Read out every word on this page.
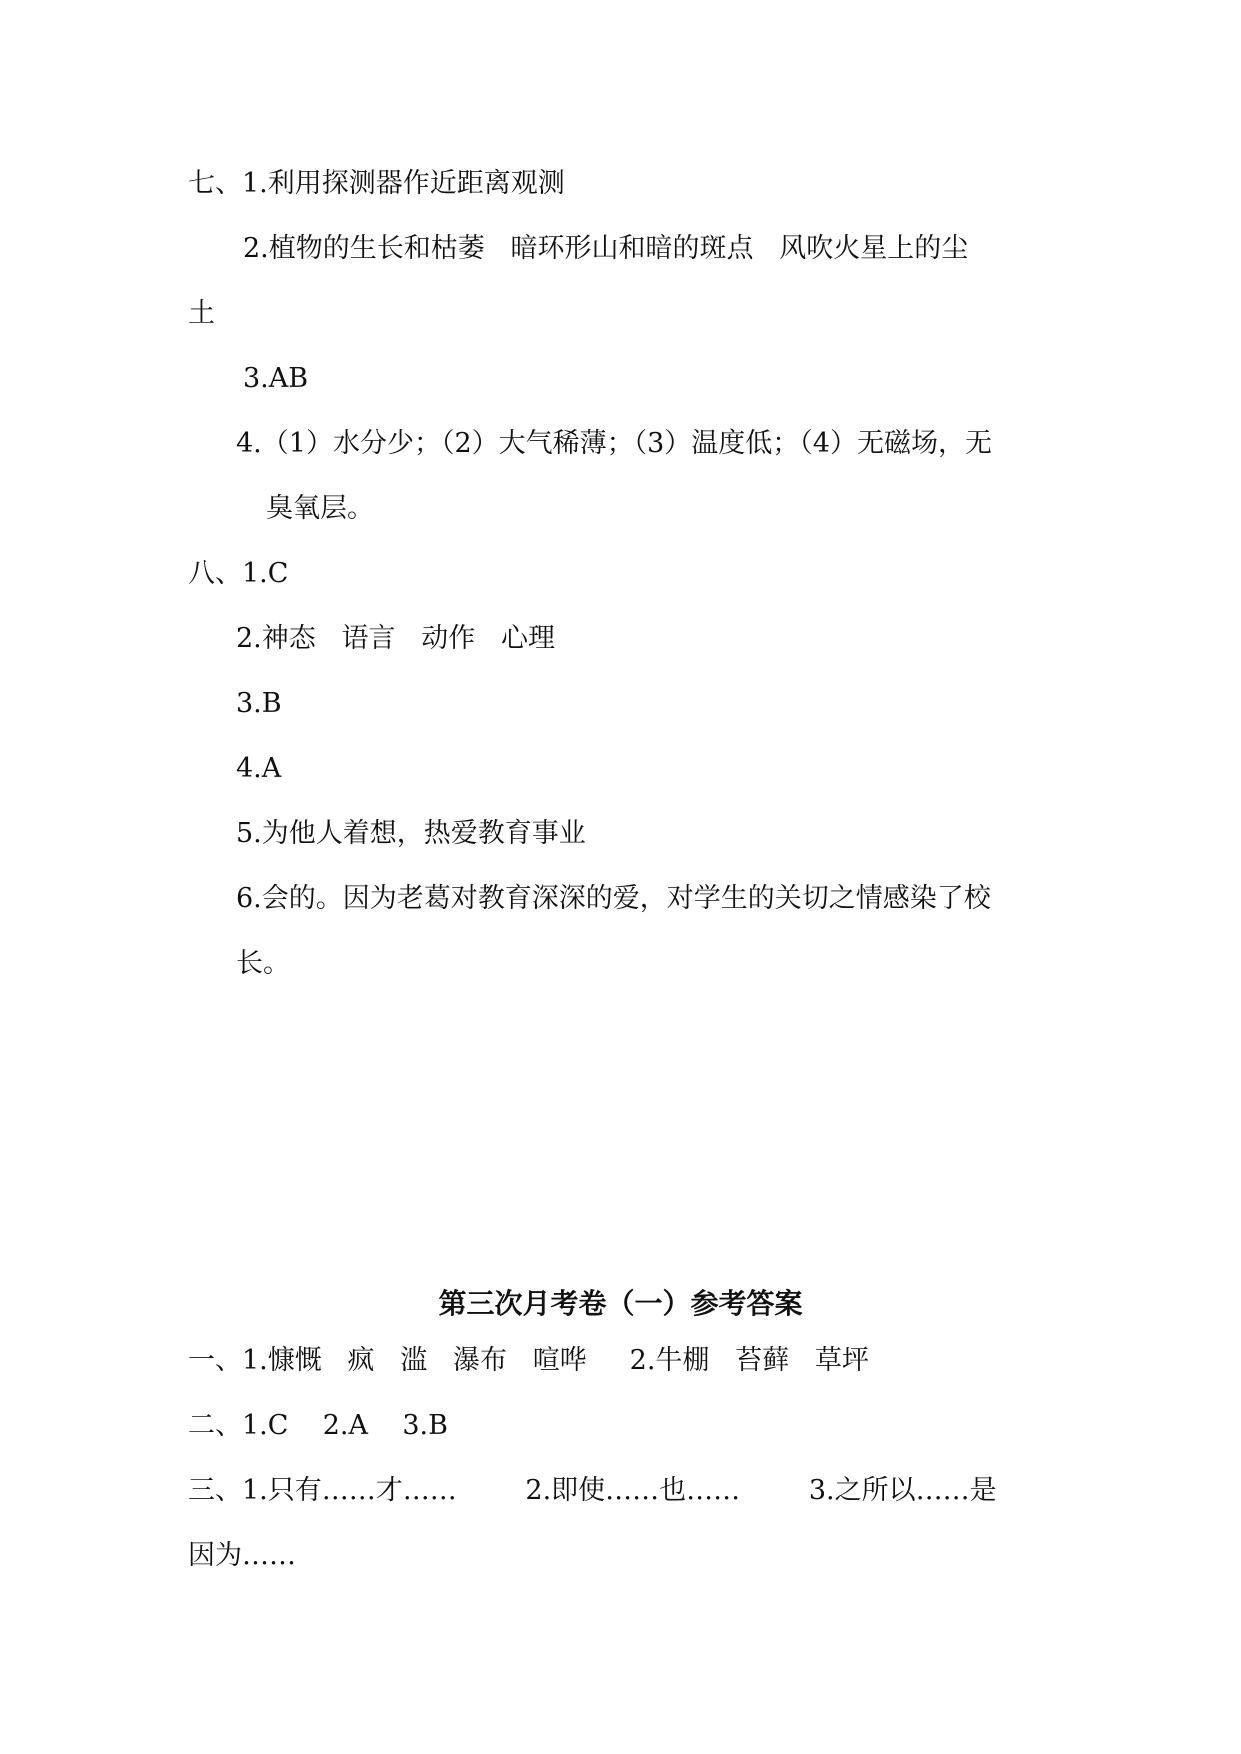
七、1.利用探测器作近距离观测
2.植物的生长和枯萎   暗环形山和暗的斑点   风吹火星上的尘
土
3.AB
4.（1）水分少；（2）大气稀薄；（3）温度低；（4）无磁场，无
臭氧层。
八、1.C
2.神态   语言   动作   心理
3.B
4.A
5.为他人着想，热爱教育事业
6.会的。因为老葛对教育深深的爱，对学生的关切之情感染了校
长。
第三次月考卷（一）参考答案
一、1.慷慨   疯   滥   瀑布   喧哗     2.牛棚   苔藓   草坪
二、1.C    2.A    3.B
三、1.只有……才……        2.即使……也……        3.之所以……是
因为……
